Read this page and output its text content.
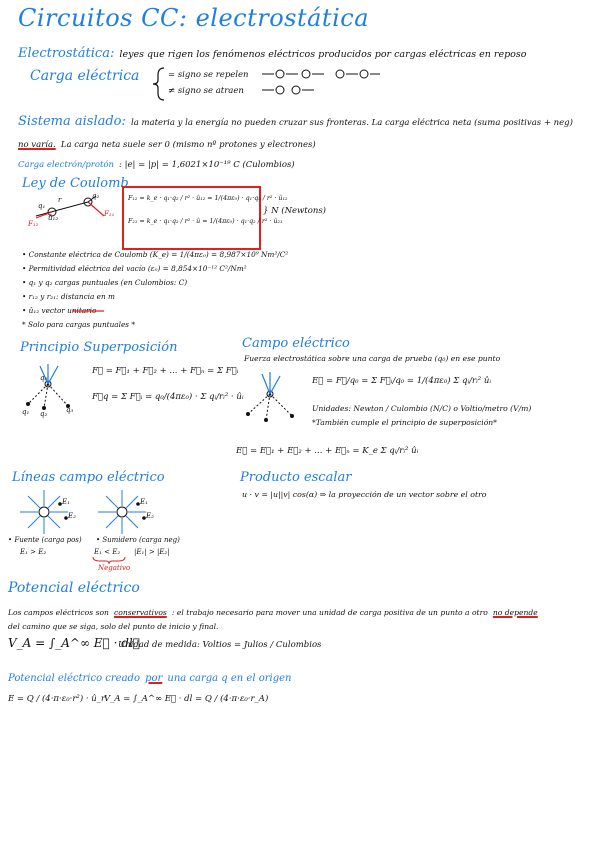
Circuitos CC: electrostática
Electrostática: leyes que rigen los fenómenos eléctricos producidos por cargas eléctricas en reposo
Carga eléctrica	= signo se repelen
≠ signo se atraen
Sistema aislado: la materia y la energía no pueden cruzar sus fronteras. La carga eléctrica neta (suma positivas + neg)
no varía. La carga neta suele ser 0 (mismo nº protones y electrones)
Carga electrón/protón : |e| = |p| = 1,6021×10⁻¹⁹ C (Culombios)
Ley de Coulomb
q₁
q₂
r
û₁₂
F₁₂
F₂₁
F₁₂ = k_e · q₁·q₂ / r² · û₁₂ = 1/(4πε₀) · q₁·q₂ / r² · û₁₂
F₂₁ = k_e · q₁·q₂ / r² · û = 1/(4πε₀) · q₁·q₂ / r² · û₂₁
} N (Newtons)
• Constante eléctrica de Coulomb (K_e) = 1/(4πε₀) = 8,987×10⁹ Nm²/C²
• Permitividad eléctrica del vacío (ε₀) = 8,854×10⁻¹² C²/Nm²
• q₁ y q₂ cargas puntuales (en Culombios: C)
• r₁₂ y r₂₁: distancia en m
• û₁₂ vector unitario
* Solo para cargas puntuales *
Principio Superposición
q₀
q₁ q₂	q₃
F⃗ = F⃗₁ + F⃗₂ + ... + F⃗ₙ = Σ F⃗ᵢ
F⃗q = Σ F⃗ᵢ = q₀/(4πε₀) · Σ qᵢ/rᵢ² · ûᵢ
Campo eléctrico
Fuerza electrostática sobre una carga de prueba (q₀) en ese punto
E⃗ = F⃗/q₀ = Σ F⃗ᵢ/q₀ = 1/(4πε₀) Σ qᵢ/rᵢ² ûᵢ
Unidades: Newton / Culombio (N/C) o Voltio/metro (V/m)
*También cumple el principio de superposición*
E⃗ = E⃗₁ + E⃗₂ + ... + E⃗ₙ = K_e Σ qᵢ/rᵢ² ûᵢ
Líneas campo eléctrico
E₁
E₂
E₁
E₂
• Fuente (carga pos) • Sumidero (carga neg)
E₁ > E₂	E₁ < E₂ |E₁| > |E₂|
Negativo
Producto escalar
u · v = |u||v| cos(α) ⇒ la proyección de un vector sobre el otro
Potencial eléctrico
Los campos eléctricos son conservativos : el trabajo necesario para mover una unidad de carga positiva de un punto a otro no depende
del camino que se siga, solo del punto de inicio y final.
V_A = ∫_A^∞ E⃗ · dl⃗
Unidad de medida: Voltios = Julios / Culombios
Potencial eléctrico creado por una carga q en el origen
E = Q / (4·π·ε₀·r²) · û_r
V_A = ∫_A^∞ E⃗ · dl = Q / (4·π·ε₀·r_A)
